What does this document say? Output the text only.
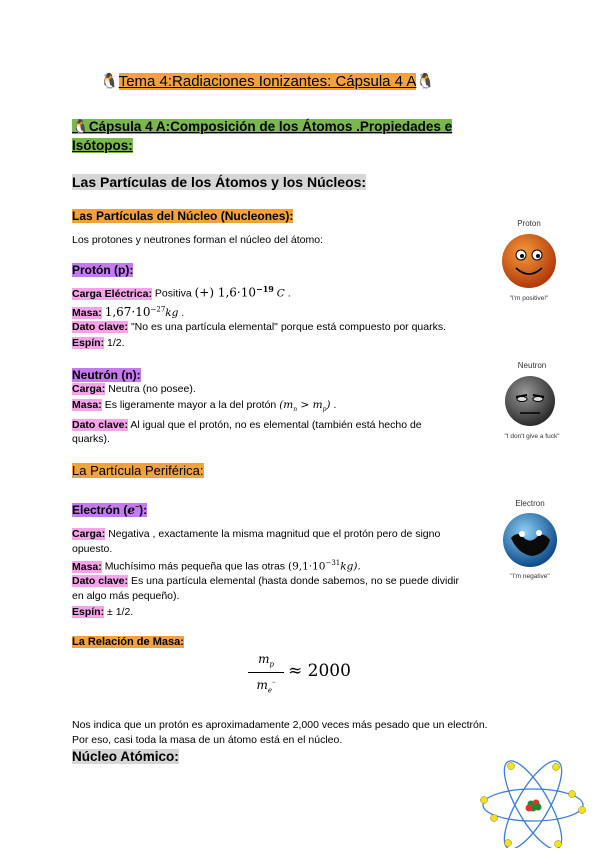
🐧Tema 4:Radiaciones Ionizantes: Cápsula 4 A🐧
🐧Cápsula 4 A:Composición de los Átomos .Propiedades e
Isótopos:
Las Partículas de los Átomos y los Núcleos:
Las Partículas del Núcleo (Nucleones):
Los protones y neutrones forman el núcleo del átomo:
Protón (p):
Carga Eléctrica: Positiva (+) $1,6\cdot 10^{-19}$ C .
Masa: $1,67\cdot 10^{-27}kg$ .
Dato clave: "No es una partícula elemental" porque está compuesto por quarks.
Espín: 1/2.
Proton
"I'm positive!"
Neutrón (n):
Carga: Neutra (no posee).
Masa: Es ligeramente mayor a la del protón $(m_n > m_p)$ .
Dato clave: Al igual que el protón, no es elemental (también está hecho de
quarks).
Neutron
"I don't give a fuck"
La Partícula Periférica:
Electrón (e−):
Carga: Negativa , exactamente la misma magnitud que el protón pero de signo
opuesto.
Masa: Muchísimo más pequeña que las otras $(9,1\cdot 10^{-31}kg)$.
Dato clave: Es una partícula elemental (hasta donde sabemos, no se puede dividir
en algo más pequeño).
Espín: ± 1/2.
Electron
"I'm negative"
La Relación de Masa:
$m_p$
$m_e^-$
≈ 2000
Nos indica que un protón es aproximadamente 2,000 veces más pesado que un electrón.
Por eso, casi toda la masa de un átomo está en el núcleo.
Núcleo Atómico:
